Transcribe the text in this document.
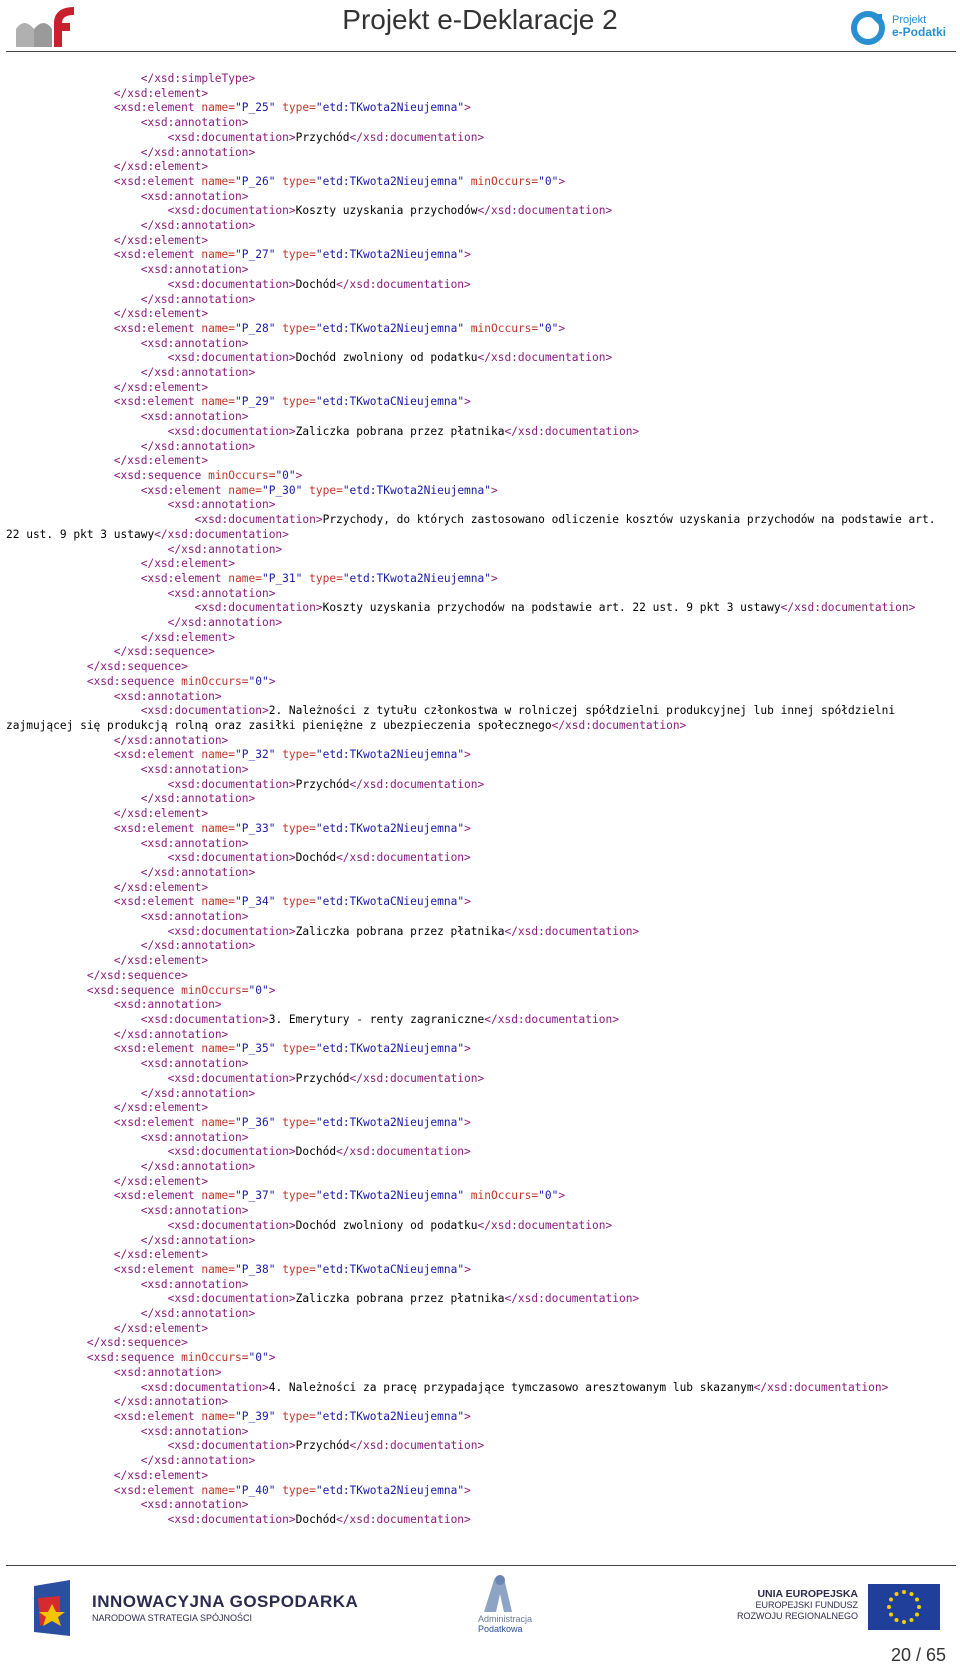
Projekt e-Deklaracje 2	Projekt
e-Podatki
</xsd:simpleType>
</xsd:element>
<xsd:element name="P_25" type="etd:TKwota2Nieujemna">
<xsd:annotation>
<xsd:documentation>Przychód</xsd:documentation>
</xsd:annotation>
</xsd:element>
<xsd:element name="P_26" type="etd:TKwota2Nieujemna" minOccurs="0">
<xsd:annotation>
<xsd:documentation>Koszty uzyskania przychodów</xsd:documentation>
</xsd:annotation>
</xsd:element>
<xsd:element name="P_27" type="etd:TKwota2Nieujemna">
<xsd:annotation>
<xsd:documentation>Dochód</xsd:documentation>
</xsd:annotation>
</xsd:element>
<xsd:element name="P_28" type="etd:TKwota2Nieujemna" minOccurs="0">
<xsd:annotation>
<xsd:documentation>Dochód zwolniony od podatku</xsd:documentation>
</xsd:annotation>
</xsd:element>
<xsd:element name="P_29" type="etd:TKwotaCNieujemna">
<xsd:annotation>
<xsd:documentation>Zaliczka pobrana przez płatnika</xsd:documentation>
</xsd:annotation>
</xsd:element>
<xsd:sequence minOccurs="0">
<xsd:element name="P_30" type="etd:TKwota2Nieujemna">
<xsd:annotation>
<xsd:documentation>Przychody, do których zastosowano odliczenie kosztów uzyskania przychodów na podstawie art. 22 ust. 9 pkt 3 ustawy</xsd:documentation>
</xsd:annotation>
</xsd:element>
<xsd:element name="P_31" type="etd:TKwota2Nieujemna">
<xsd:annotation>
<xsd:documentation>Koszty uzyskania przychodów na podstawie art. 22 ust. 9 pkt 3 ustawy</xsd:documentation>
</xsd:annotation>
</xsd:element>
</xsd:sequence>
</xsd:sequence>
<xsd:sequence minOccurs="0">
<xsd:annotation>
<xsd:documentation>2. Należności z tytułu członkostwa w rolniczej spółdzielni produkcyjnej lub innej spółdzielni zajmującej się produkcją rolną oraz zasiłki pieniężne z ubezpieczenia społecznego</xsd:documentation>
</xsd:annotation>
<xsd:element name="P_32" type="etd:TKwota2Nieujemna">
<xsd:annotation>
<xsd:documentation>Przychód</xsd:documentation>
</xsd:annotation>
</xsd:element>
<xsd:element name="P_33" type="etd:TKwota2Nieujemna">
<xsd:annotation>
<xsd:documentation>Dochód</xsd:documentation>
</xsd:annotation>
</xsd:element>
<xsd:element name="P_34" type="etd:TKwotaCNieujemna">
<xsd:annotation>
<xsd:documentation>Zaliczka pobrana przez płatnika</xsd:documentation>
</xsd:annotation>
</xsd:element>
</xsd:sequence>
<xsd:sequence minOccurs="0">
<xsd:annotation>
<xsd:documentation>3. Emerytury - renty zagraniczne</xsd:documentation>
</xsd:annotation>
<xsd:element name="P_35" type="etd:TKwota2Nieujemna">
<xsd:annotation>
<xsd:documentation>Przychód</xsd:documentation>
</xsd:annotation>
</xsd:element>
<xsd:element name="P_36" type="etd:TKwota2Nieujemna">
<xsd:annotation>
<xsd:documentation>Dochód</xsd:documentation>
</xsd:annotation>
</xsd:element>
<xsd:element name="P_37" type="etd:TKwota2Nieujemna" minOccurs="0">
<xsd:annotation>
<xsd:documentation>Dochód zwolniony od podatku</xsd:documentation>
</xsd:annotation>
</xsd:element>
<xsd:element name="P_38" type="etd:TKwotaCNieujemna">
<xsd:annotation>
<xsd:documentation>Zaliczka pobrana przez płatnika</xsd:documentation>
</xsd:annotation>
</xsd:element>
</xsd:sequence>
<xsd:sequence minOccurs="0">
<xsd:annotation>
<xsd:documentation>4. Należności za pracę przypadające tymczasowo aresztowanym lub skazanym</xsd:documentation>
</xsd:annotation>
<xsd:element name="P_39" type="etd:TKwota2Nieujemna">
<xsd:annotation>
<xsd:documentation>Przychód</xsd:documentation>
</xsd:annotation>
</xsd:element>
<xsd:element name="P_40" type="etd:TKwota2Nieujemna">
<xsd:annotation>
<xsd:documentation>Dochód</xsd:documentation>
INNOWACYJNA GOSPODARKA
NARODOWA STRATEGIA SPÓJNOŚCI	Administracja
Podatkowa
UNIA EUROPEJSKA
EUROPEJSKI FUNDUSZ
ROZWOJU REGIONALNEGO
20 / 65
